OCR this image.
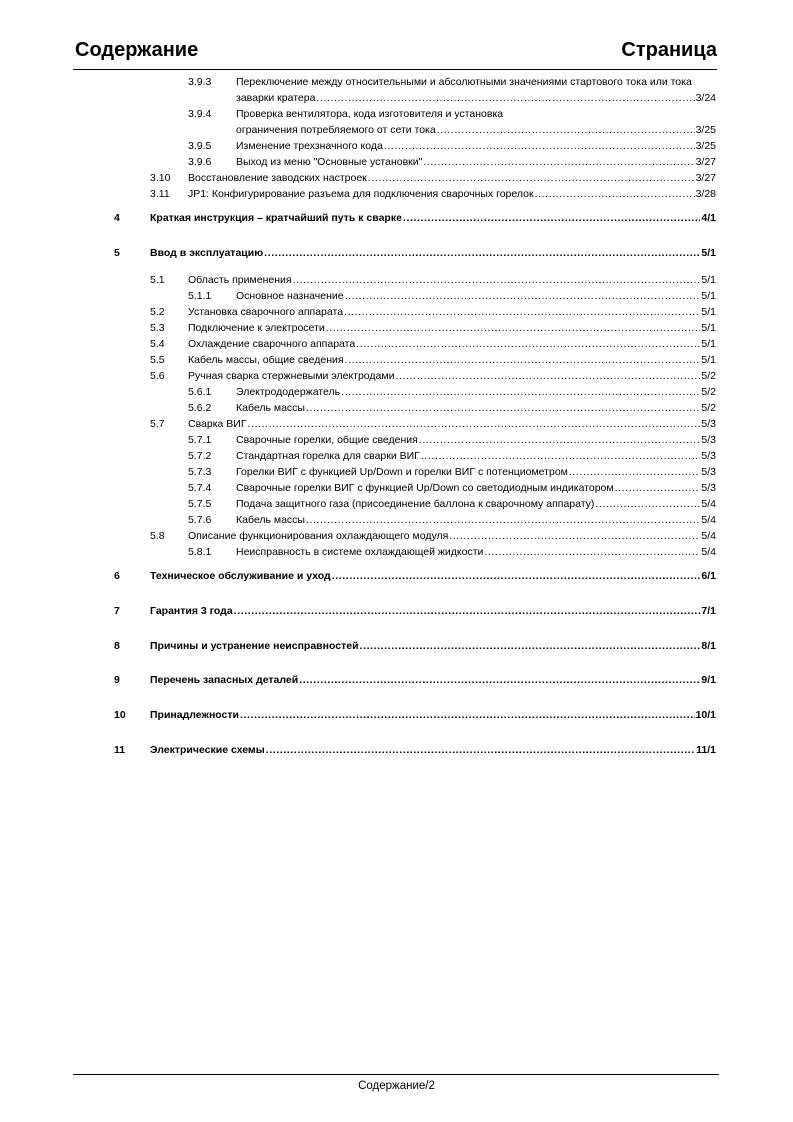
Содержание	Страница
3.9.3 Переключение между относительными и абсолютными значениями стартового тока или тока
заварки кратера .....	3/24
3.9.4 Проверка вентилятора, кода изготовителя и установка
ограничения потребляемого от сети тока .....	3/25
3.9.5 Изменение трехзначного кода .....	3/25
3.9.6 Выход из меню "Основные установки" .....	3/27
3.10 Восстановление заводских настроек .....	3/27
3.11 JP1: Конфигурирование разъема для подключения сварочных горелок .....	3/28
4	Краткая инструкция – кратчайший путь к сварке .....	4/1
5	Ввод в эксплуатацию .....	5/1
5.1 Область применения .....	5/1
5.1.1 Основное назначение .....	5/1
5.2 Установка сварочного аппарата .....	5/1
5.3 Подключение к электросети .....	5/1
5.4 Охлаждение сварочного аппарата .....	5/1
5.5 Кабель массы, общие сведения .....	5/1
5.6 Ручная сварка стержневыми электродами .....	5/2
5.6.1 Электрододержатель .....	5/2
5.6.2 Кабель массы .....	5/2
5.7 Сварка ВИГ .....	5/3
5.7.1 Сварочные горелки, общие сведения .....	5/3
5.7.2 Стандартная горелка для сварки ВИГ .....	5/3
5.7.3 Горелки ВИГ с функцией Up/Down и горелки ВИГ с потенциометром .....	5/3
5.7.4 Сварочные горелки ВИГ с функцией Up/Down со светодиодным индикатором .....	5/3
5.7.5 Подача защитного газа (присоединение баллона к сварочному аппарату) .....	5/4
5.7.6 Кабель массы .....	5/4
5.8 Описание функционирования охлаждающего модуля .....	5/4
5.8.1 Неисправность в системе охлаждающей жидкости .....	5/4
6	Техническое обслуживание и уход .....	6/1
7	Гарантия 3 года .....	7/1
8	Причины и устранение неисправностей .....	8/1
9	Перечень запасных деталей .....	9/1
10 Принадлежности .....	10/1
11 Электрические схемы .....	11/1
Содержание/2
